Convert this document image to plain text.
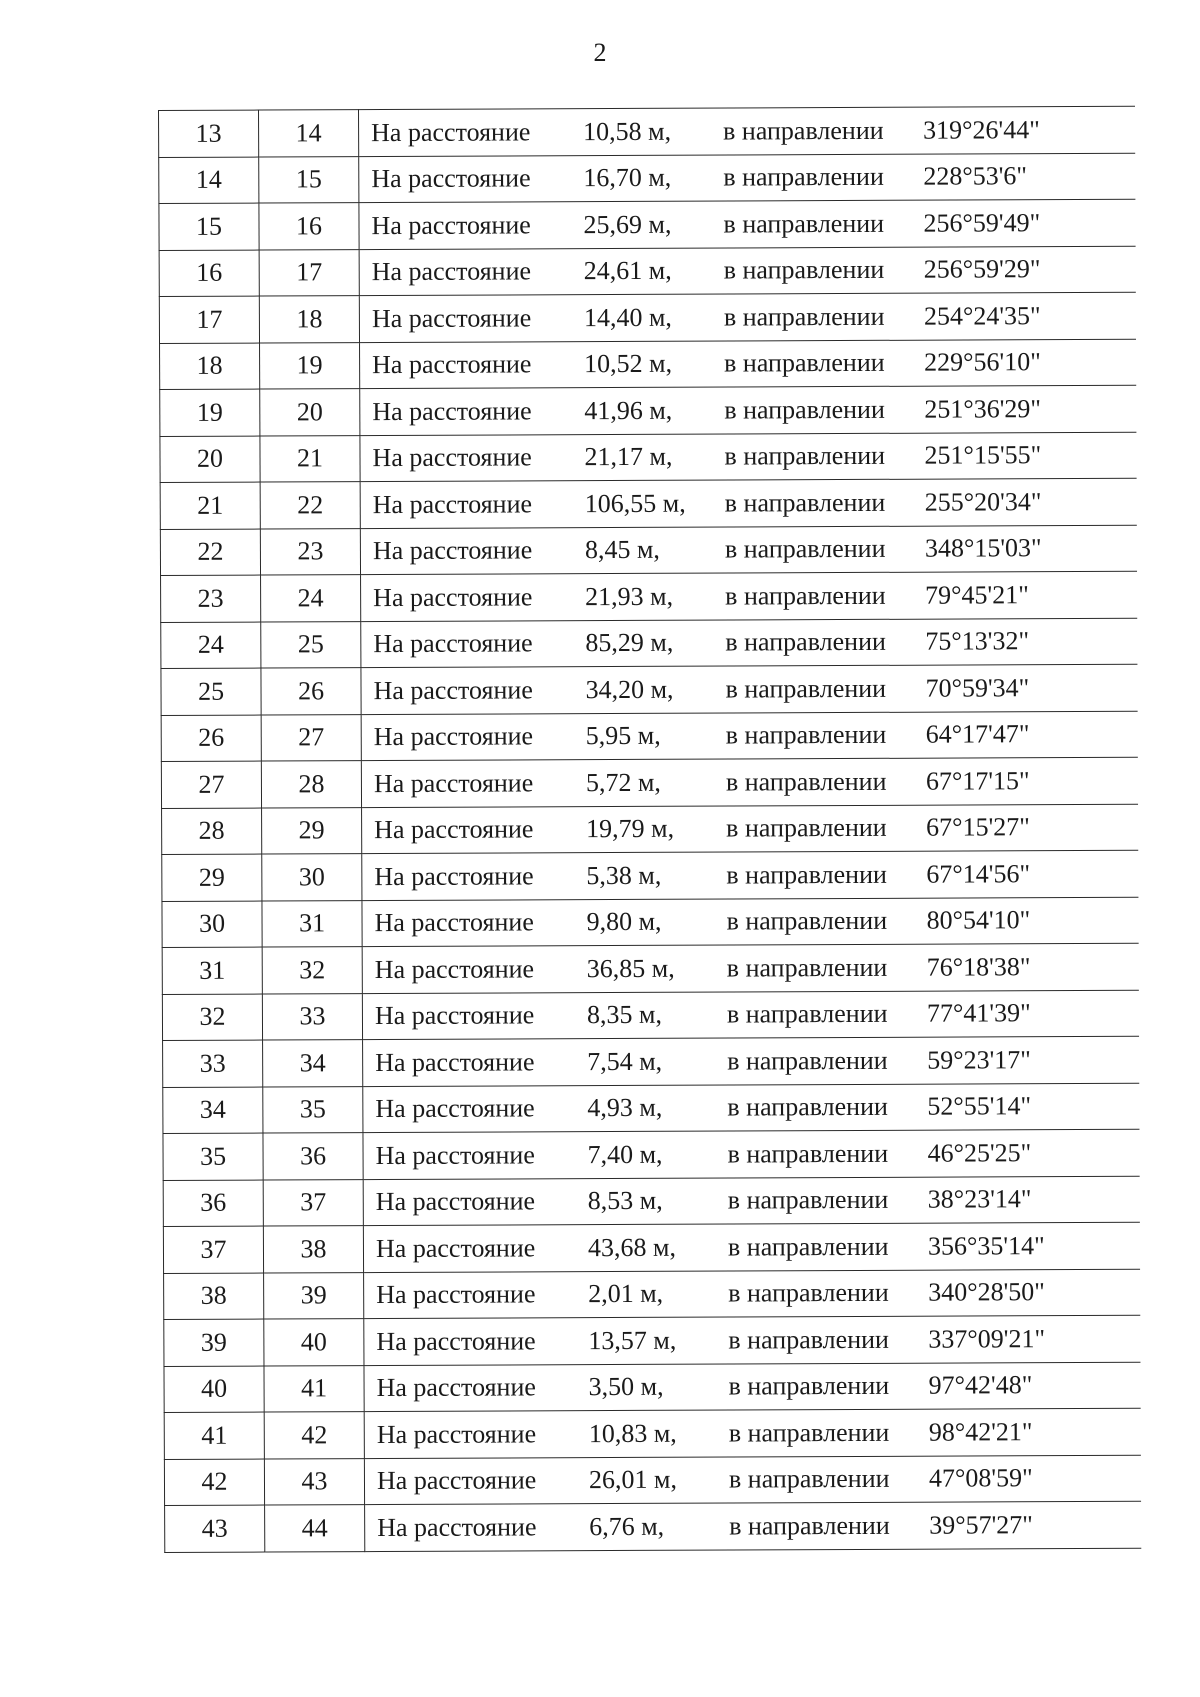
2
13	14	На расстояние 10,58 м, в направлении 319°26'44"
14	15	На расстояние 16,70 м, в направлении 228°53'6"
15	16	На расстояние 25,69 м, в направлении 256°59'49"
16	17	На расстояние 24,61 м, в направлении 256°59'29"
17	18	На расстояние 14,40 м, в направлении 254°24'35"
18	19	На расстояние 10,52 м, в направлении 229°56'10"
19	20	На расстояние 41,96 м, в направлении 251°36'29"
20	21	На расстояние 21,17 м, в направлении 251°15'55"
21	22	На расстояние 106,55 м, в направлении 255°20'34"
22	23	На расстояние 8,45 м, в направлении 348°15'03"
23	24	На расстояние 21,93 м, в направлении 79°45'21"
24	25	На расстояние 85,29 м, в направлении 75°13'32"
25	26	На расстояние 34,20 м, в направлении 70°59'34"
26	27	На расстояние 5,95 м, в направлении 64°17'47"
27	28	На расстояние 5,72 м, в направлении 67°17'15"
28	29	На расстояние 19,79 м, в направлении 67°15'27"
29	30	На расстояние 5,38 м, в направлении 67°14'56"
30	31	На расстояние 9,80 м, в направлении 80°54'10"
31	32	На расстояние 36,85 м, в направлении 76°18'38"
32	33	На расстояние 8,35 м, в направлении 77°41'39"
33	34	На расстояние 7,54 м, в направлении 59°23'17"
34	35	На расстояние 4,93 м, в направлении 52°55'14"
35	36	На расстояние 7,40 м, в направлении 46°25'25"
36	37	На расстояние 8,53 м, в направлении 38°23'14"
37	38	На расстояние 43,68 м, в направлении 356°35'14"
38	39	На расстояние 2,01 м, в направлении 340°28'50"
39	40	На расстояние 13,57 м, в направлении 337°09'21"
40	41	На расстояние 3,50 м, в направлении 97°42'48"
41	42	На расстояние 10,83 м, в направлении 98°42'21"
42	43	На расстояние 26,01 м, в направлении 47°08'59"
43	44	На расстояние 6,76 м, в направлении 39°57'27"
